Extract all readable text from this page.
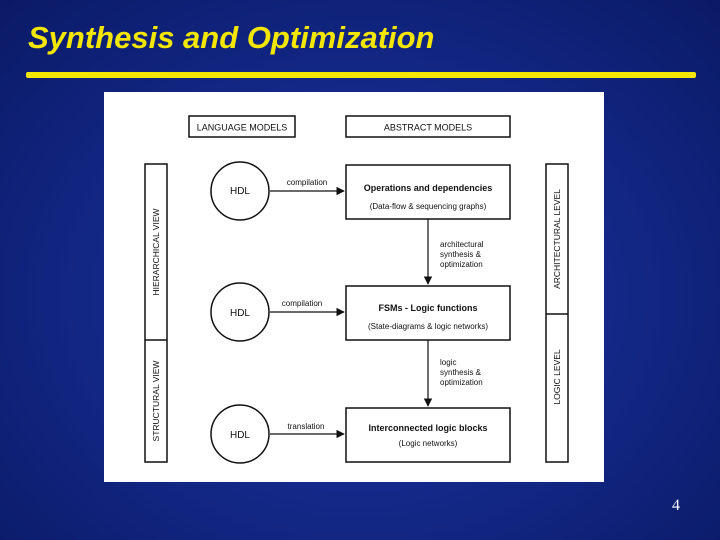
Synthesis and Optimization
LANGUAGE MODELS	ABSTRACT MODELS
HIERARCHICAL VIEW
STRUCTURAL VIEW
ARCHITECTURAL LEVEL
LOGIC LEVEL
HDL
HDL
HDL
compilation
compilation
translation
Operations and dependencies
(Data-flow & sequencing graphs)
FSMs - Logic functions
(State-diagrams & logic networks)
Interconnected logic blocks
(Logic networks)
architectural
synthesis &
optimization
logic
synthesis &
optimization
4
